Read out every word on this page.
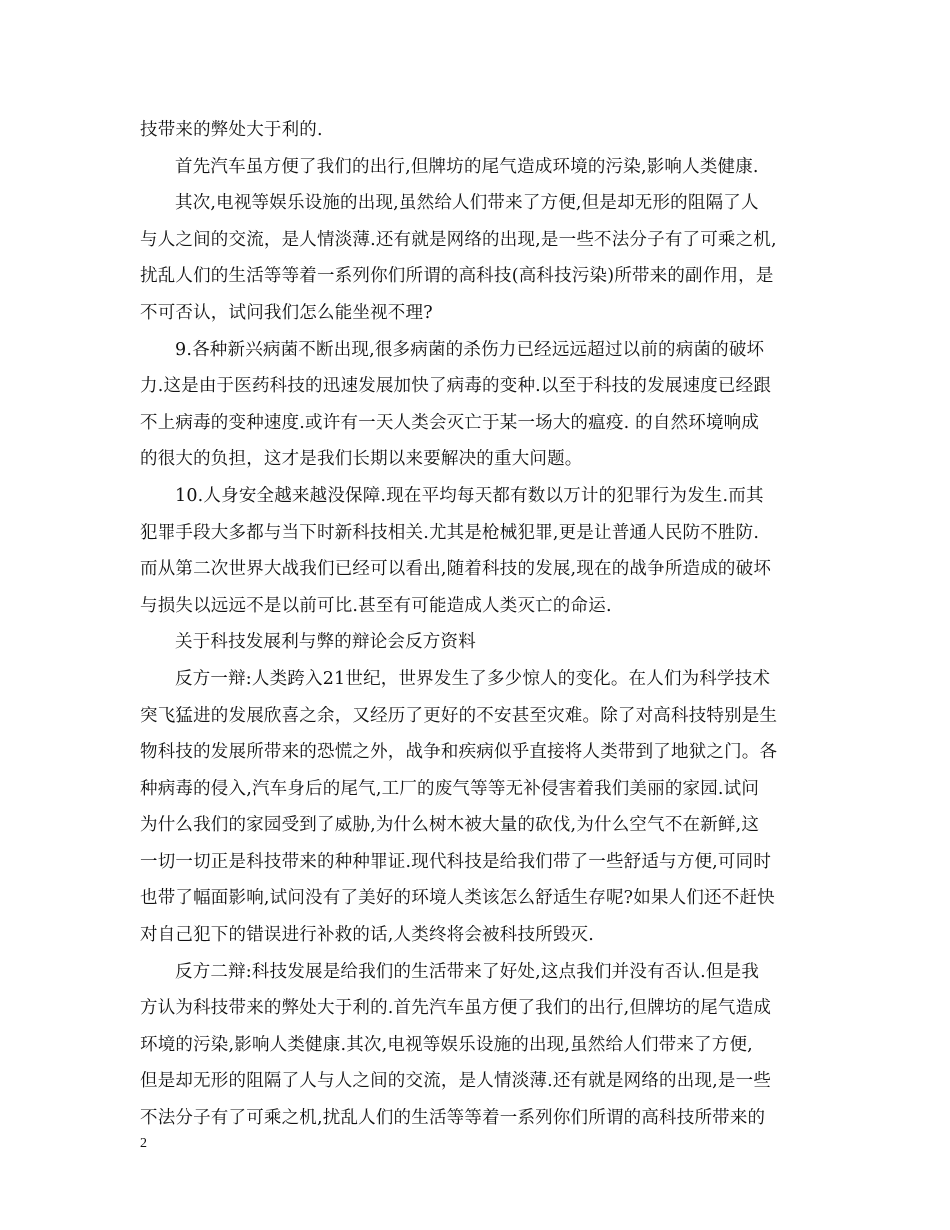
技带来的弊处大于利的.
首先汽车虽方便了我们的出行,但牌坊的尾气造成环境的污染,影响人类健康.
其次,电视等娱乐设施的出现,虽然给人们带来了方便,但是却无形的阻隔了人
与人之间的交流，是人情淡薄.还有就是网络的出现,是一些不法分子有了可乘之机,
扰乱人们的生活等等着一系列你们所谓的高科技(高科技污染)所带来的副作用，是
不可否认，试问我们怎么能坐视不理?
9.各种新兴病菌不断出现,很多病菌的杀伤力已经远远超过以前的病菌的破坏
力.这是由于医药科技的迅速发展加快了病毒的变种.以至于科技的发展速度已经跟
不上病毒的变种速度.或许有一天人类会灭亡于某一场大的瘟疫. 的自然环境响成
的很大的负担，这才是我们长期以来要解决的重大问题。
10.人身安全越来越没保障.现在平均每天都有数以万计的犯罪行为发生.而其
犯罪手段大多都与当下时新科技相关.尤其是枪械犯罪,更是让普通人民防不胜防.
而从第二次世界大战我们已经可以看出,随着科技的发展,现在的战争所造成的破坏
与损失以远远不是以前可比.甚至有可能造成人类灭亡的命运.
关于科技发展利与弊的辩论会反方资料
反方一辩:人类跨入21世纪，世界发生了多少惊人的变化。在人们为科学技术
突飞猛进的发展欣喜之余，又经历了更好的不安甚至灾难。除了对高科技特别是生
物科技的发展所带来的恐慌之外，战争和疾病似乎直接将人类带到了地狱之门。各
种病毒的侵入,汽车身后的尾气,工厂的废气等等无补侵害着我们美丽的家园.试问
为什么我们的家园受到了威胁,为什么树木被大量的砍伐,为什么空气不在新鲜,这
一切一切正是科技带来的种种罪证.现代科技是给我们带了一些舒适与方便,可同时
也带了幅面影响,试问没有了美好的环境人类该怎么舒适生存呢?如果人们还不赶快
对自己犯下的错误进行补救的话,人类终将会被科技所毁灭.
反方二辩:科技发展是给我们的生活带来了好处,这点我们并没有否认.但是我
方认为科技带来的弊处大于利的.首先汽车虽方便了我们的出行,但牌坊的尾气造成
环境的污染,影响人类健康.其次,电视等娱乐设施的出现,虽然给人们带来了方便,
但是却无形的阻隔了人与人之间的交流，是人情淡薄.还有就是网络的出现,是一些
不法分子有了可乘之机,扰乱人们的生活等等着一系列你们所谓的高科技所带来的
2
